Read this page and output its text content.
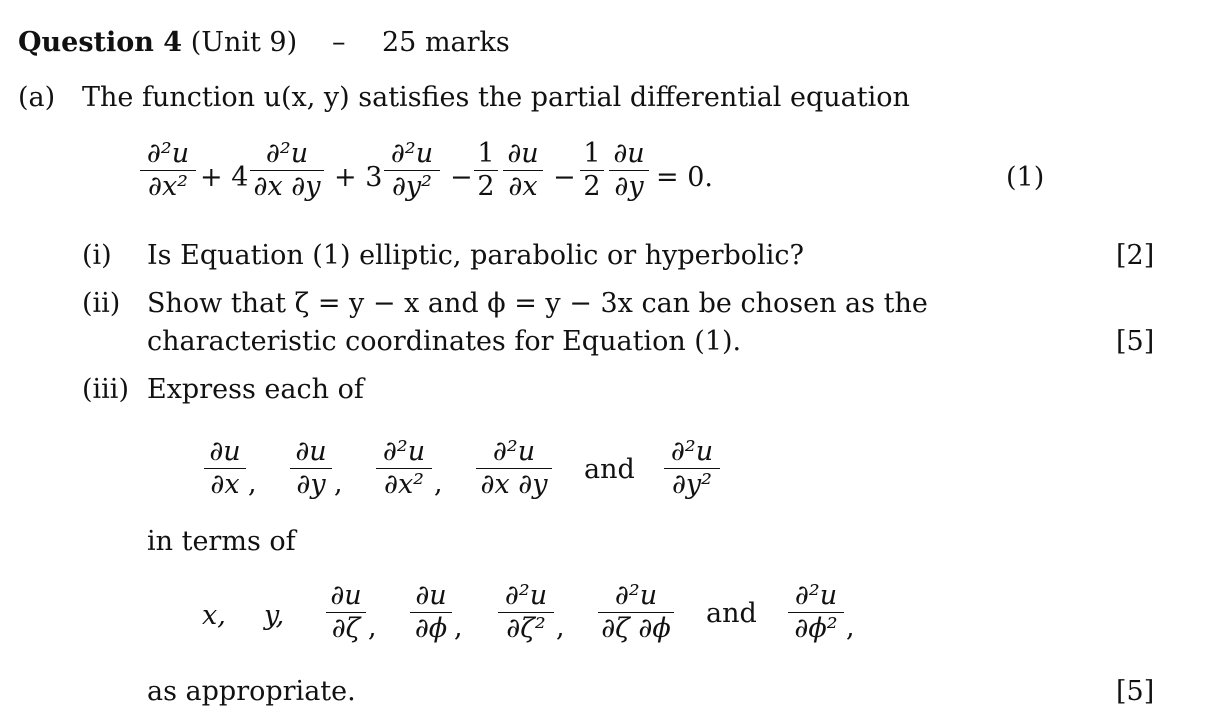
Question 4 (Unit 9) – 25 marks
(a) The function u(x, y) satisfies the partial differential equation
∂²u
∂x² + 4
∂²u
∂x ∂y + 3
∂²u
∂y² −
1
2
∂u
∂x −
1
2
∂u
∂y = 0.	(1)
(i) Is Equation (1) elliptic, parabolic or hyperbolic?	[2]
(ii) Show that ζ = y − x and ϕ = y − 3x can be chosen as the
characteristic coordinates for Equation (1).	[5]
(iii) Express each of
∂u
∂x ,
∂u
∂y ,
∂²u
∂x² ,
∂²u
∂x ∂y and
∂²u
∂y²
in terms of
x, y,
∂u
∂ζ ,
∂u
∂ϕ ,
∂²u
∂ζ² ,
∂²u
∂ζ ∂ϕ and
∂²u
∂ϕ² ,
as appropriate.	[5]
